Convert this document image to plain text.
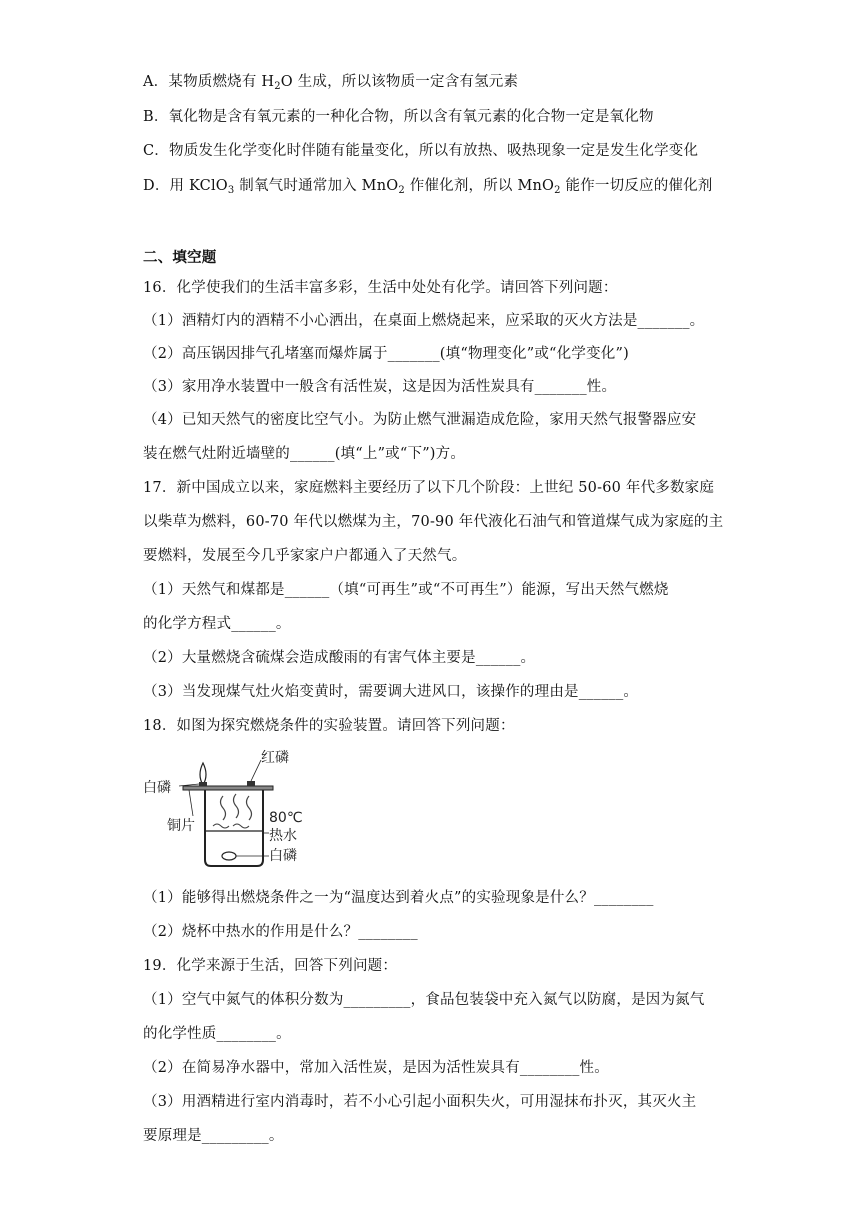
A．某物质燃烧有 $H_2O$ 生成，所以该物质一定含有氢元素
B．氧化物是含有氧元素的一种化合物，所以含有氧元素的化合物一定是氧化物
C．物质发生化学变化时伴随有能量变化，所以有放热、吸热现象一定是发生化学变化
D．用 KClO$_3$ 制氧气时通常加入 MnO$_2$ 作催化剂，所以 MnO$_2$ 能作一切反应的催化剂
二、填空题
16．化学使我们的生活丰富多彩，生活中处处有化学。请回答下列问题：
（1）酒精灯内的酒精不小心洒出，在桌面上燃烧起来，应采取的灭火方法是_______。
（2）高压锅因排气孔堵塞而爆炸属于_______(填“物理变化”或“化学变化”)
（3）家用净水装置中一般含有活性炭，这是因为活性炭具有_______性。
（4）已知天然气的密度比空气小。为防止燃气泄漏造成危险，家用天然气报警器应安
装在燃气灶附近墙壁的______(填“上”或“下”)方。
17．新中国成立以来，家庭燃料主要经历了以下几个阶段：上世纪 50-60 年代多数家庭
以柴草为燃料，60-70 年代以燃煤为主，70-90 年代液化石油气和管道煤气成为家庭的主
要燃料，发展至今几乎家家户户都通入了天然气。
（1）天然气和煤都是______（填“可再生”或“不可再生”）能源，写出天然气燃烧
的化学方程式______。
（2）大量燃烧含硫煤会造成酸雨的有害气体主要是______。
（3）当发现煤气灶火焰变黄时，需要调大进风口，该操作的理由是______。
18．如图为探究燃烧条件的实验装置。请回答下列问题：
红磷
白磷
铜片	80℃
热水
白磷
（1）能够得出燃烧条件之一为“温度达到着火点”的实验现象是什么？________
（2）烧杯中热水的作用是什么？________
19．化学来源于生活，回答下列问题：
（1）空气中氮气的体积分数为_________，食品包装袋中充入氮气以防腐，是因为氮气
的化学性质________。
（2）在简易净水器中，常加入活性炭，是因为活性炭具有________性。
（3）用酒精进行室内消毒时，若不小心引起小面积失火，可用湿抹布扑灭，其灭火主
要原理是_________。
